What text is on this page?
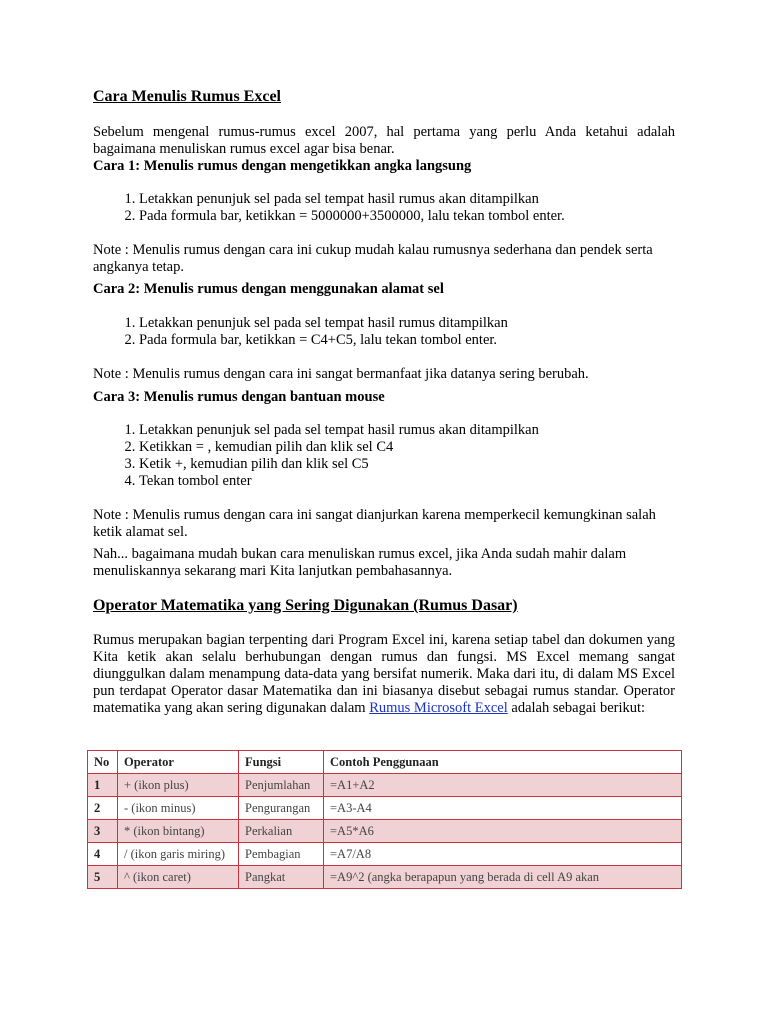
Cara Menulis Rumus Excel

Sebelum mengenal rumus-rumus excel 2007, hal pertama yang perlu Anda ketahui adalah bagaimana menuliskan rumus excel agar bisa benar.

Cara 1: Menulis rumus dengan mengetikkan angka langsung

1. Letakkan penunjuk sel pada sel tempat hasil rumus akan ditampilkan
2. Pada formula bar, ketikkan = 5000000+3500000, lalu tekan tombol enter.

Note : Menulis rumus dengan cara ini cukup mudah kalau rumusnya sederhana dan pendek serta angkanya tetap.

Cara 2: Menulis rumus dengan menggunakan alamat sel

1. Letakkan penunjuk sel pada sel tempat hasil rumus ditampilkan
2. Pada formula bar, ketikkan = C4+C5, lalu tekan tombol enter.

Note : Menulis rumus dengan cara ini sangat bermanfaat jika datanya sering berubah.

Cara 3: Menulis rumus dengan bantuan mouse

1. Letakkan penunjuk sel pada sel tempat hasil rumus akan ditampilkan
2. Ketikkan = , kemudian pilih dan klik sel C4
3. Ketik +, kemudian pilih dan klik sel C5
4. Tekan tombol enter

Note : Menulis rumus dengan cara ini sangat dianjurkan karena memperkecil kemungkinan salah ketik alamat sel.

Nah... bagaimana mudah bukan cara menuliskan rumus excel, jika Anda sudah mahir dalam menuliskannya sekarang mari Kita lanjutkan pembahasannya.

Operator Matematika yang Sering Digunakan (Rumus Dasar)

Rumus merupakan bagian terpenting dari Program Excel ini, karena setiap tabel dan dokumen yang Kita ketik akan selalu berhubungan dengan rumus dan fungsi. MS Excel memang sangat diunggulkan dalam menampung data-data yang bersifat numerik. Maka dari itu, di dalam MS Excel pun terdapat Operator dasar Matematika dan ini biasanya disebut sebagai rumus standar. Operator matematika yang akan sering digunakan dalam Rumus Microsoft Excel adalah sebagai berikut:

No	Operator	Fungsi	Contoh Penggunaan
1	+ (ikon plus)	Penjumlahan	=A1+A2
2	- (ikon minus)	Pengurangan	=A3-A4
3	* (ikon bintang)	Perkalian	=A5*A6
4	/ (ikon garis miring)	Pembagian	=A7/A8
5	^ (ikon caret)	Pangkat	=A9^2 (angka berapapun yang berada di cell A9 akan
